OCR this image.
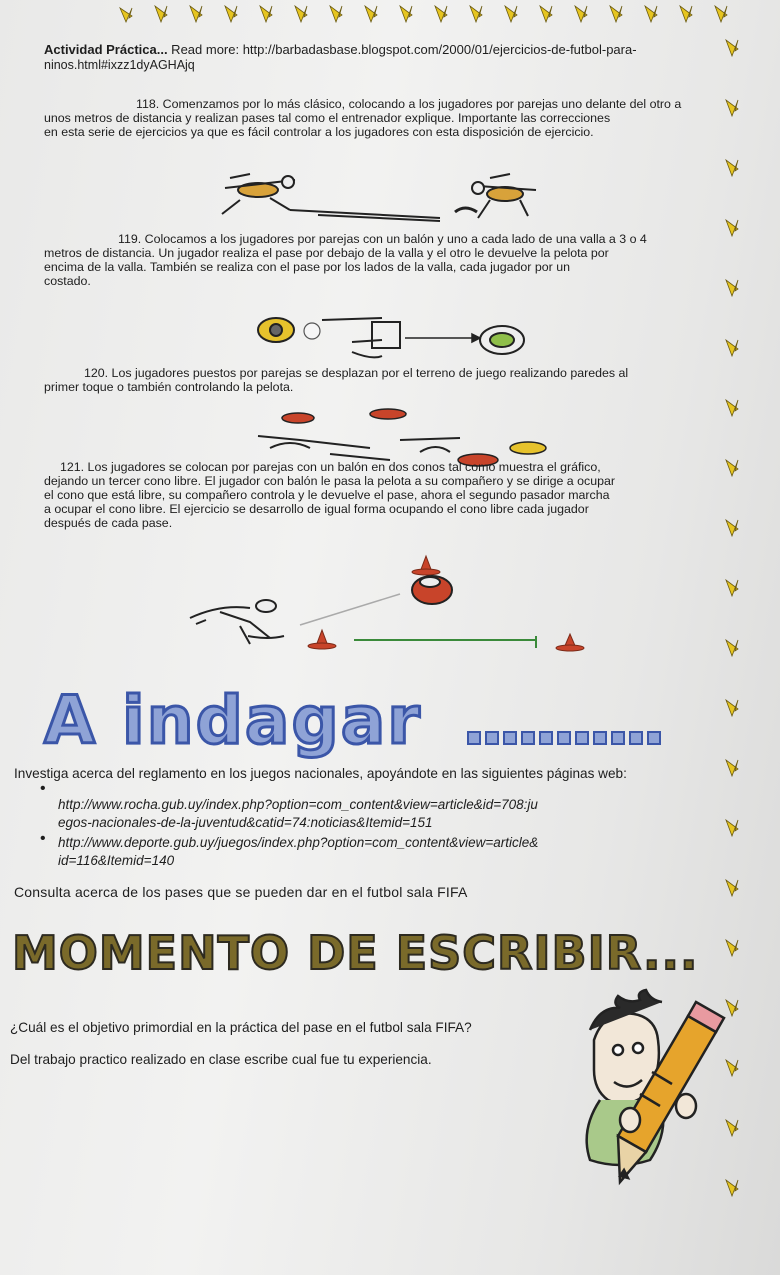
Actividad Práctica... Read more: http://barbadasbase.blogspot.com/2000/01/ejercicios-de-futbol-para-
ninos.html#ixzz1dyAGHAjq
118. Comenzamos por lo más clásico, colocando a los jugadores por parejas uno delante del otro a
unos metros de distancia y realizan pases tal como el entrenador explique. Importante las correcciones
en esta serie de ejercicios ya que es fácil controlar a los jugadores con esta disposición de ejercicio.
119. Colocamos a los jugadores por parejas con un balón y uno a cada lado de una valla a 3 o 4
metros de distancia. Un jugador realiza el pase por debajo de la valla y el otro le devuelve la pelota por
encima de la valla. También se realiza con el pase por los lados de la valla, cada jugador por un
costado.
120. Los jugadores puestos por parejas se desplazan por el terreno de juego realizando paredes al
primer toque o también controlando la pelota.
121. Los jugadores se colocan por parejas con un balón en dos conos tal como muestra el gráfico,
dejando un tercer cono libre. El jugador con balón le pasa la pelota a su compañero y se dirige a ocupar
el cono que está libre, su compañero controla y le devuelve el pase, ahora el segundo pasador marcha
a ocupar el cono libre. El ejercicio se desarrollo de igual forma ocupando el cono libre cada jugador
después de cada pase.
A indagar
Investiga acerca del reglamento en los juegos nacionales, apoyándote en las siguientes páginas web:
•
http://www.rocha.gub.uy/index.php?option=com_content&view=article&id=708:ju
egos-nacionales-de-la-juventud&catid=74:noticias&Itemid=151
• http://www.deporte.gub.uy/juegos/index.php?option=com_content&view=article&
id=116&Itemid=140
Consulta acerca de los pases que se pueden dar en el futbol sala FIFA
MOMENTO DE ESCRIBIR...
¿Cuál es el objetivo primordial en la práctica del pase en el futbol sala FIFA?
Del trabajo practico realizado en clase escribe cual fue tu experiencia.
